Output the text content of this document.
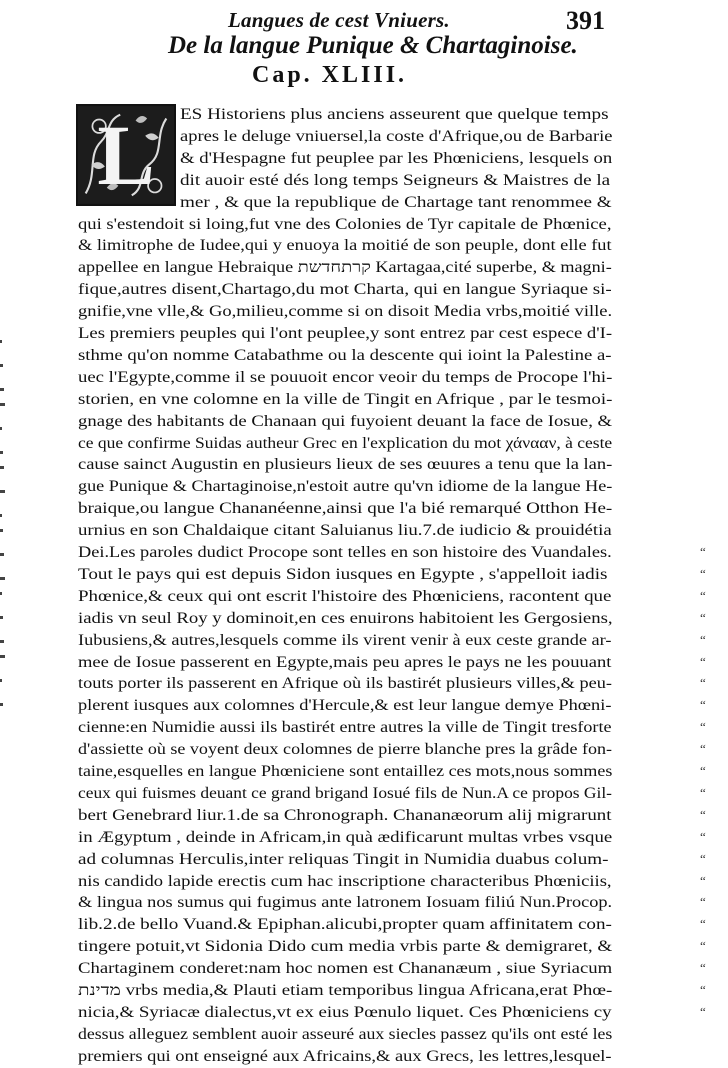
Langues de cest Vniuers.	391
De la langue Punique & Chartaginoise.
Cap. XLIII.
L	ES Historiens plus anciens asseurent que quelque temps
apres le deluge vniuersel,la coste d'Afrique,ou de Barbarie
& d'Hespagne fut peuplee par les Phœniciens, lesquels on
dit auoir esté dés long temps Seigneurs & Maistres de la
mer , & que la republique de Chartage tant renommee &
qui s'estendoit si loing,fut vne des Colonies de Tyr capitale de Phœnice,
& limitrophe de Iudee,qui y enuoya la moitié de son peuple, dont elle fut
appellee en langue Hebraique קרתחדשת Kartagaa,cité superbe, & magni-
fique,autres disent,Chartago,du mot Charta, qui en langue Syriaque si-
gnifie,vne vlle,& Go,milieu,comme si on disoit Media vrbs,moitié ville.
Les premiers peuples qui l'ont peuplee,y sont entrez par cest espece d'I-
sthme qu'on nomme Catabathme ou la descente qui ioint la Palestine a-
uec l'Egypte,comme il se pouuoit encor veoir du temps de Procope l'hi-
storien, en vne colomne en la ville de Tingit en Afrique , par le tesmoi-
gnage des habitants de Chanaan qui fuyoient deuant la face de Iosue, &
ce que confirme Suidas autheur Grec en l'explication du mot χάνααν, à ceste
cause sainct Augustin en plusieurs lieux de ses œuures a tenu que la lan-
gue Punique & Chartaginoise,n'estoit autre qu'vn idiome de la langue He-
braique,ou langue Chananéenne,ainsi que l'a bié remarqué Otthon He-
urnius en son Chaldaique citant Saluianus liu.7.de iudicio & prouidétia
Dei.Les paroles dudict Procope sont telles en son histoire des Vuandales.
Tout le pays qui est depuis Sidon iusques en Egypte , s'appelloit iadis
Phœnice,& ceux qui ont escrit l'histoire des Phœniciens, racontent que
iadis vn seul Roy y dominoit,en ces enuirons habitoient les Gergosiens,
Iubusiens,& autres,lesquels comme ils virent venir à eux ceste grande ar-
mee de Iosue passerent en Egypte,mais peu apres le pays ne les pouuant
touts porter ils passerent en Afrique où ils bastirét plusieurs villes,& peu-
plerent iusques aux colomnes d'Hercule,& est leur langue demye Phœni-
cienne:en Numidie aussi ils bastirét entre autres la ville de Tingit tresforte
d'assiette où se voyent deux colomnes de pierre blanche pres la grâde fon-
taine,esquelles en langue Phœniciene sont entaillez ces mots,nous sommes
ceux qui fuismes deuant ce grand brigand Iosué fils de Nun.A ce propos Gil-
bert Genebrard liur.1.de sa Chronograph. Chananæorum alij migrarunt
in Ægyptum , deinde in Africam,in quà ædificarunt multas vrbes vsque
ad columnas Herculis,inter reliquas Tingit in Numidia duabus colum-
nis candido lapide erectis cum hac inscriptione characteribus Phœniciis,
& lingua nos sumus qui fugimus ante latronem Iosuam filiú Nun.Procop.
lib.2.de bello Vuand.& Epiphan.alicubi,propter quam affinitatem con-
tingere potuit,vt Sidonia Dido cum media vrbis parte & demigraret, &
Chartaginem conderet:nam hoc nomen est Chananæum , siue Syriacum
מדינת vrbs media,& Plauti etiam temporibus lingua Africana,erat Phœ-
nicia,& Syriacæ dialectus,vt ex eius Pœnulo liquet. Ces Phœniciens cy
dessus alleguez semblent auoir asseuré aux siecles passez qu'ils ont esté les
premiers qui ont enseigné aux Africains,& aux Grecs, les lettres,lesquel-
“
“
“
“
“
“
“
“
“
“
“
“
“
“
“
“
“
“
“
“
“
“
